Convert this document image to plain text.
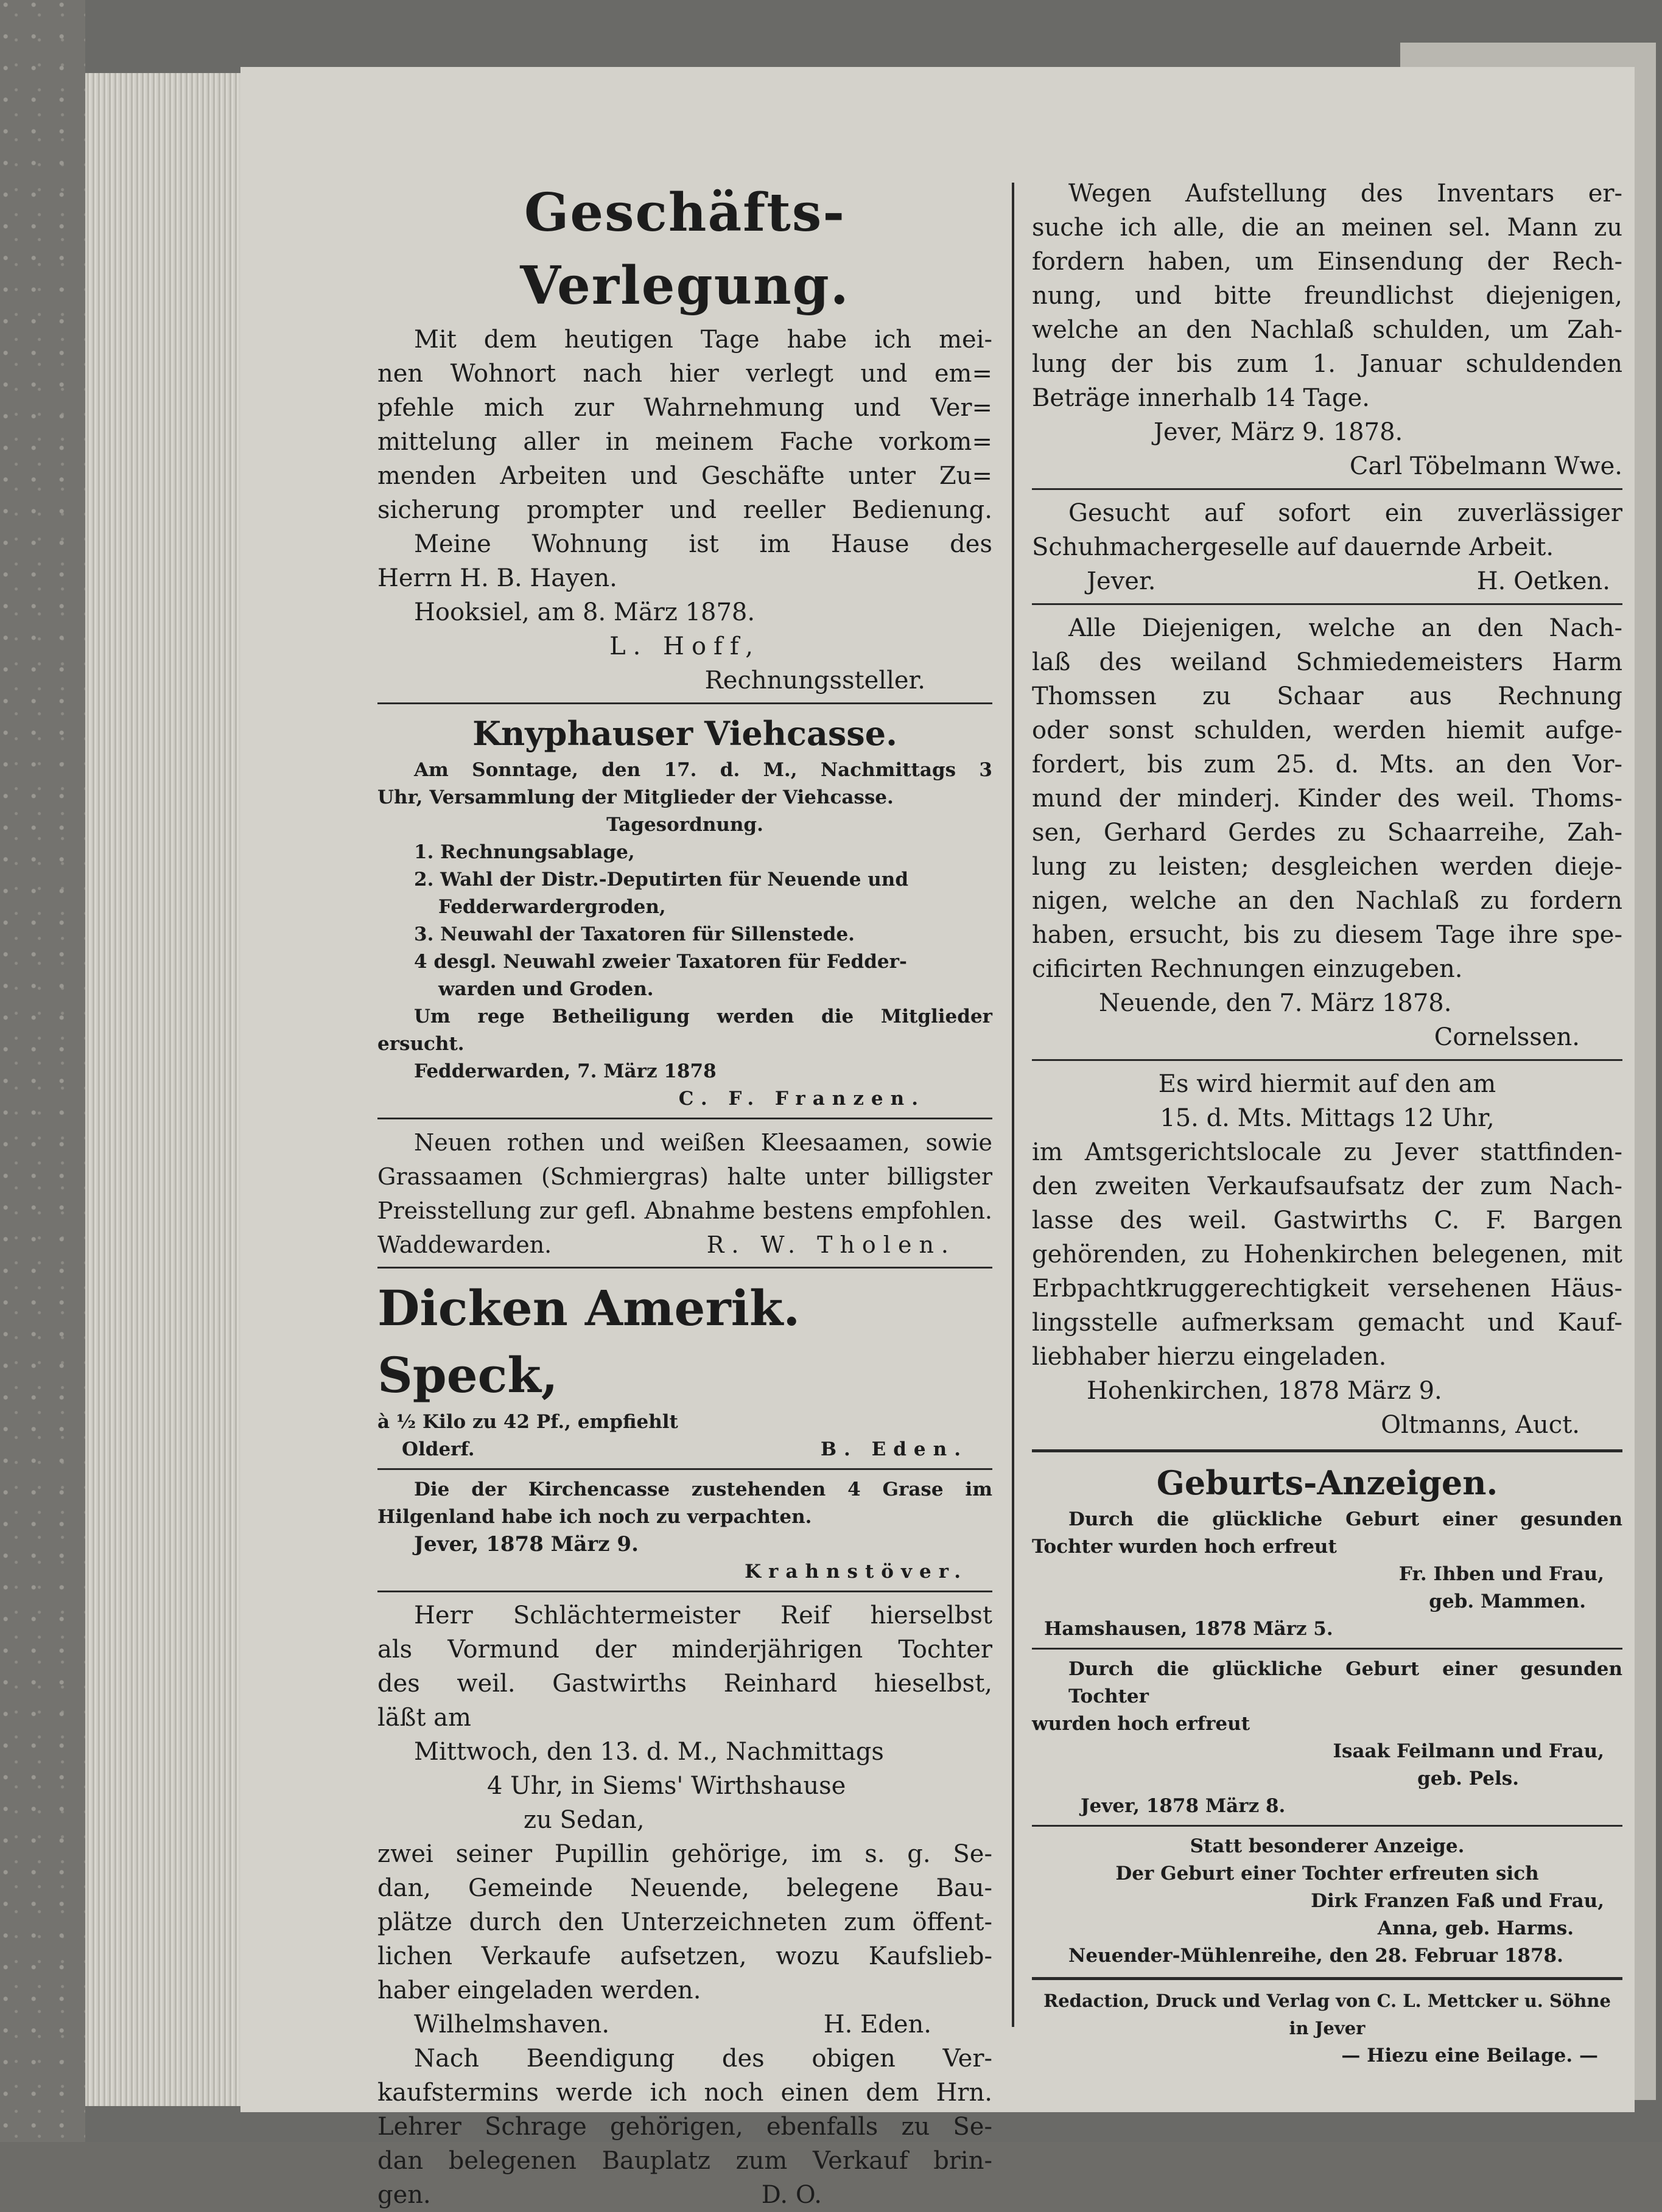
Geschäfts-Verlegung.
Mit dem heutigen Tage habe ich mei-
nen Wohnort nach hier verlegt und em=
pfehle mich zur Wahrnehmung und Ver=
mittelung aller in meinem Fache vorkom=
menden Arbeiten und Geschäfte unter Zu=
sicherung prompter und reeller Bedienung.
Meine Wohnung ist im Hause des
Herrn H. B. Hayen.
Hooksiel, am 8. März 1878.
L. Hoff,
Rechnungssteller.
Knyphauser Viehcasse.
Am Sonntage, den 17. d. M., Nachmittags 3
Uhr, Versammlung der Mitglieder der Viehcasse.
Tagesordnung.
1. Rechnungsablage,
2. Wahl der Distr.-Deputirten für Neuende und
Fedderwardergroden,
3. Neuwahl der Taxatoren für Sillenstede.
4 desgl. Neuwahl zweier Taxatoren für Fedder-
warden und Groden.
Um rege Betheiligung werden die Mitglieder
ersucht.
Fedderwarden, 7. März 1878
C. F. Franzen.
Neuen rothen und weißen Kleesaamen, sowie
Grassaamen (Schmiergras) halte unter billigster
Preisstellung zur gefl. Abnahme bestens empfohlen.
Waddewarden.	R. W. Tholen.
Dicken Amerik. Speck,
à ½ Kilo zu 42 Pf., empfiehlt
Olderf.	B. Eden.
Die der Kirchencasse zustehenden 4 Grase im
Hilgenland habe ich noch zu verpachten.
Jever, 1878 März 9.
Krahnstöver.
Herr Schlächtermeister Reif hierselbst
als Vormund der minderjährigen Tochter
des weil. Gastwirths Reinhard hieselbst,
läßt am
Mittwoch, den 13. d. M., Nachmittags
4 Uhr, in Siems' Wirthshause
zu Sedan,
zwei seiner Pupillin gehörige, im s. g. Se-
dan, Gemeinde Neuende, belegene Bau-
plätze durch den Unterzeichneten zum öffent-
lichen Verkaufe aufsetzen, wozu Kaufslieb-
haber eingeladen werden.
Wilhelmshaven.	H. Eden.
Nach Beendigung des obigen Ver-
kaufstermins werde ich noch einen dem Hrn.
Lehrer Schrage gehörigen, ebenfalls zu Se-
dan belegenen Bauplatz zum Verkauf brin-
gen.	D. O.
Wegen Aufstellung des Inventars er-
suche ich alle, die an meinen sel. Mann zu
fordern haben, um Einsendung der Rech-
nung, und bitte freundlichst diejenigen,
welche an den Nachlaß schulden, um Zah-
lung der bis zum 1. Januar schuldenden
Beträge innerhalb 14 Tage.
Jever, März 9. 1878.
Carl Töbelmann Wwe.
Gesucht auf sofort ein zuverlässiger
Schuhmachergeselle auf dauernde Arbeit.
Jever.	H. Oetken.
Alle Diejenigen, welche an den Nach-
laß des weiland Schmiedemeisters Harm
Thomssen zu Schaar aus Rechnung
oder sonst schulden, werden hiemit aufge-
fordert, bis zum 25. d. Mts. an den Vor-
mund der minderj. Kinder des weil. Thoms-
sen, Gerhard Gerdes zu Schaarreihe, Zah-
lung zu leisten; desgleichen werden dieje-
nigen, welche an den Nachlaß zu fordern
haben, ersucht, bis zu diesem Tage ihre spe-
cificirten Rechnungen einzugeben.
Neuende, den 7. März 1878.
Cornelssen.
Es wird hiermit auf den am
15. d. Mts. Mittags 12 Uhr,
im Amtsgerichtslocale zu Jever stattfinden-
den zweiten Verkaufsaufsatz der zum Nach-
lasse des weil. Gastwirths C. F. Bargen
gehörenden, zu Hohenkirchen belegenen, mit
Erbpachtkruggerechtigkeit versehenen Häus-
lingsstelle aufmerksam gemacht und Kauf-
liebhaber hierzu eingeladen.
Hohenkirchen, 1878 März 9.
Oltmanns, Auct.
Geburts-Anzeigen.
Durch die glückliche Geburt einer gesunden
Tochter wurden hoch erfreut
Fr. Ihben und Frau,
geb. Mammen.
Hamshausen, 1878 März 5.
Durch die glückliche Geburt einer gesunden Tochter
wurden hoch erfreut
Isaak Feilmann und Frau,
geb. Pels.
Jever, 1878 März 8.
Statt besonderer Anzeige.
Der Geburt einer Tochter erfreuten sich
Dirk Franzen Faß und Frau,
Anna, geb. Harms.
Neuender-Mühlenreihe, den 28. Februar 1878.
Redaction, Druck und Verlag von C. L. Mettcker u. Söhne in Jever
— Hiezu eine Beilage. —
